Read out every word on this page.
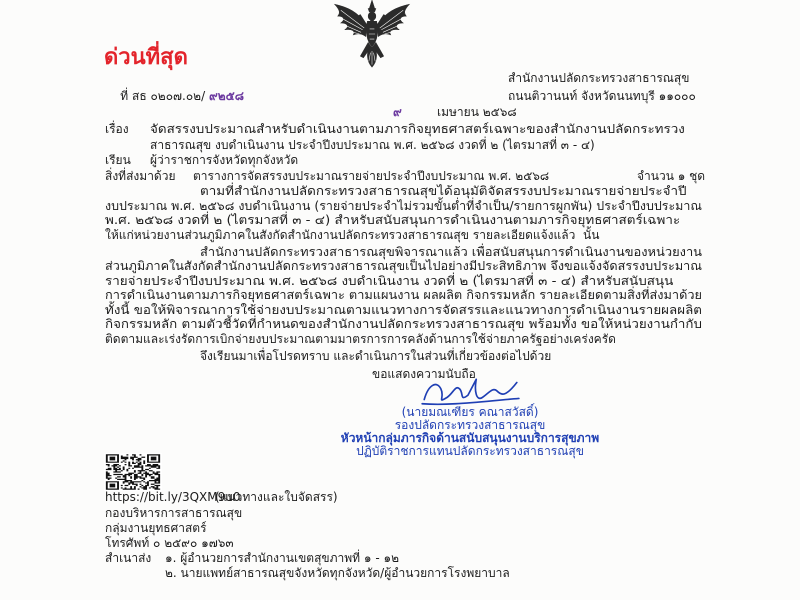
ด่วนที่สุด

ที่ สธ ๐๒๐๗.๐๒/ ๙๒๕๘

สำนักงานปลัดกระทรวงสาธารณสุข
ถนนติวานนท์ จังหวัดนนทบุรี ๑๑๐๐๐
๙	เมษายน ๒๕๖๘
เรื่อง จัดสรรงบประมาณสำหรับดำเนินงานตามภารกิจยุทธศาสตร์เฉพาะของสำนักงานปลัดกระทรวง
สาธารณสุข งบดำเนินงาน ประจำปีงบประมาณ พ.ศ. ๒๕๖๘ งวดที่ ๒ (ไตรมาสที่ ๓ - ๔)
เรียน ผู้ว่าราชการจังหวัดทุกจังหวัด
สิ่งที่ส่งมาด้วย ตารางการจัดสรรงบประมาณรายจ่ายประจำปีงบประมาณ พ.ศ. ๒๕๖๘	จำนวน ๑ ชุด
ตามที่สำนักงานปลัดกระทรวงสาธารณสุขได้อนุมัติจัดสรรงบประมาณรายจ่ายประจำปี
งบประมาณ พ.ศ. ๒๕๖๘ งบดำเนินงาน (รายจ่ายประจำไม่รวมขั้นต่ำที่จำเป็น/รายการผูกพัน) ประจำปีงบประมาณ
พ.ศ. ๒๕๖๘ งวดที่ ๒ (ไตรมาสที่ ๓ - ๔) สำหรับสนับสนุนการดำเนินงานตามภารกิจยุทธศาสตร์เฉพาะ
ให้แก่หน่วยงานส่วนภูมิภาคในสังกัดสำนักงานปลัดกระทรวงสาธารณสุข รายละเอียดแจ้งแล้ว  นั้น
สำนักงานปลัดกระทรวงสาธารณสุขพิจารณาแล้ว เพื่อสนับสนุนการดำเนินงานของหน่วยงาน
ส่วนภูมิภาคในสังกัดสำนักงานปลัดกระทรวงสาธารณสุขเป็นไปอย่างมีประสิทธิภาพ จึงขอแจ้งจัดสรรงบประมาณ
รายจ่ายประจำปีงบประมาณ พ.ศ. ๒๕๖๘ งบดำเนินงาน งวดที่ ๒ (ไตรมาสที่ ๓ - ๔) สำหรับสนับสนุน
การดำเนินงานตามภารกิจยุทธศาสตร์เฉพาะ ตามแผนงาน ผลผลิต กิจกรรมหลัก รายละเอียดตามสิ่งที่ส่งมาด้วย
ทั้งนี้ ขอให้พิจารณาการใช้จ่ายงบประมาณตามแนวทางการจัดสรรและแนวทางการดำเนินงานรายผลผลิต
กิจกรรมหลัก ตามตัวชี้วัดที่กำหนดของสำนักงานปลัดกระทรวงสาธารณสุข พร้อมทั้ง ขอให้หน่วยงานกำกับ
ติดตามและเร่งรัดการเบิกจ่ายงบประมาณตามมาตรการการคลังด้านการใช้จ่ายภาครัฐอย่างเคร่งครัด
จึงเรียนมาเพื่อโปรดทราบ และดำเนินการในส่วนที่เกี่ยวข้องต่อไปด้วย
ขอแสดงความนับถือ
(นายมณเฑียร คณาสวัสดิ์)
รองปลัดกระทรวงสาธารณสุข
หัวหน้ากลุ่มภารกิจด้านสนับสนุนงานบริการสุขภาพ
ปฏิบัติราชการแทนปลัดกระทรวงสาธารณสุข
https://bit.ly/3QXM9u0
(แนวทางและใบจัดสรร)
กองบริหารการสาธารณสุข
กลุ่มงานยุทธศาสตร์
โทรศัพท์ ๐ ๒๕๙๐ ๑๗๖๓
สำเนาส่ง ๑. ผู้อำนวยการสำนักงานเขตสุขภาพที่ ๑ - ๑๒
๒. นายแพทย์สาธารณสุขจังหวัดทุกจังหวัด/ผู้อำนวยการโรงพยาบาล
